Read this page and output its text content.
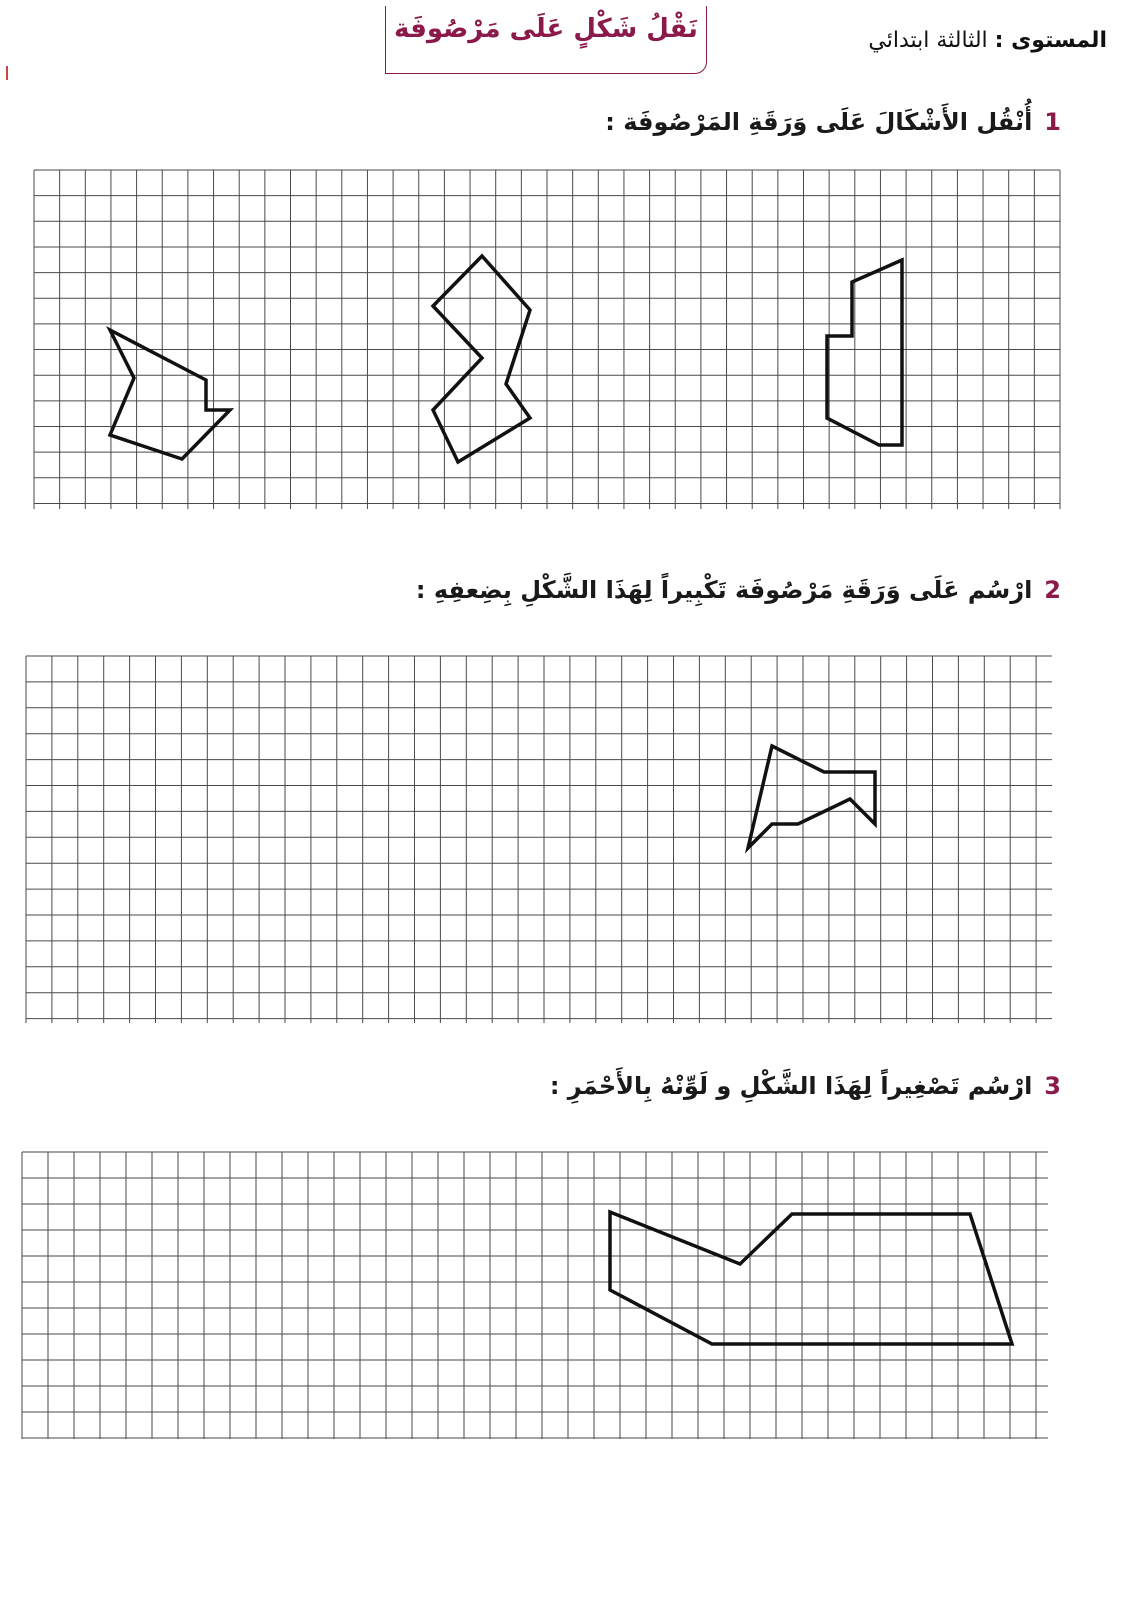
نَقْلُ شَكْلٍ عَلَى مَرْصُوفَة	المستوى : الثالثة ابتدائي
1أُنْقُل الأَشْكَالَ عَلَى وَرَقَةِ المَرْصُوفَة :
2ارْسُم عَلَى وَرَقَةِ مَرْصُوفَة تَكْبِيراً لِهَذَا الشَّكْلِ بِضِعفِهِ :
3ارْسُم تَصْغِيراً لِهَذَا الشَّكْلِ و لَوِّنْهُ بِالأَحْمَرِ :
